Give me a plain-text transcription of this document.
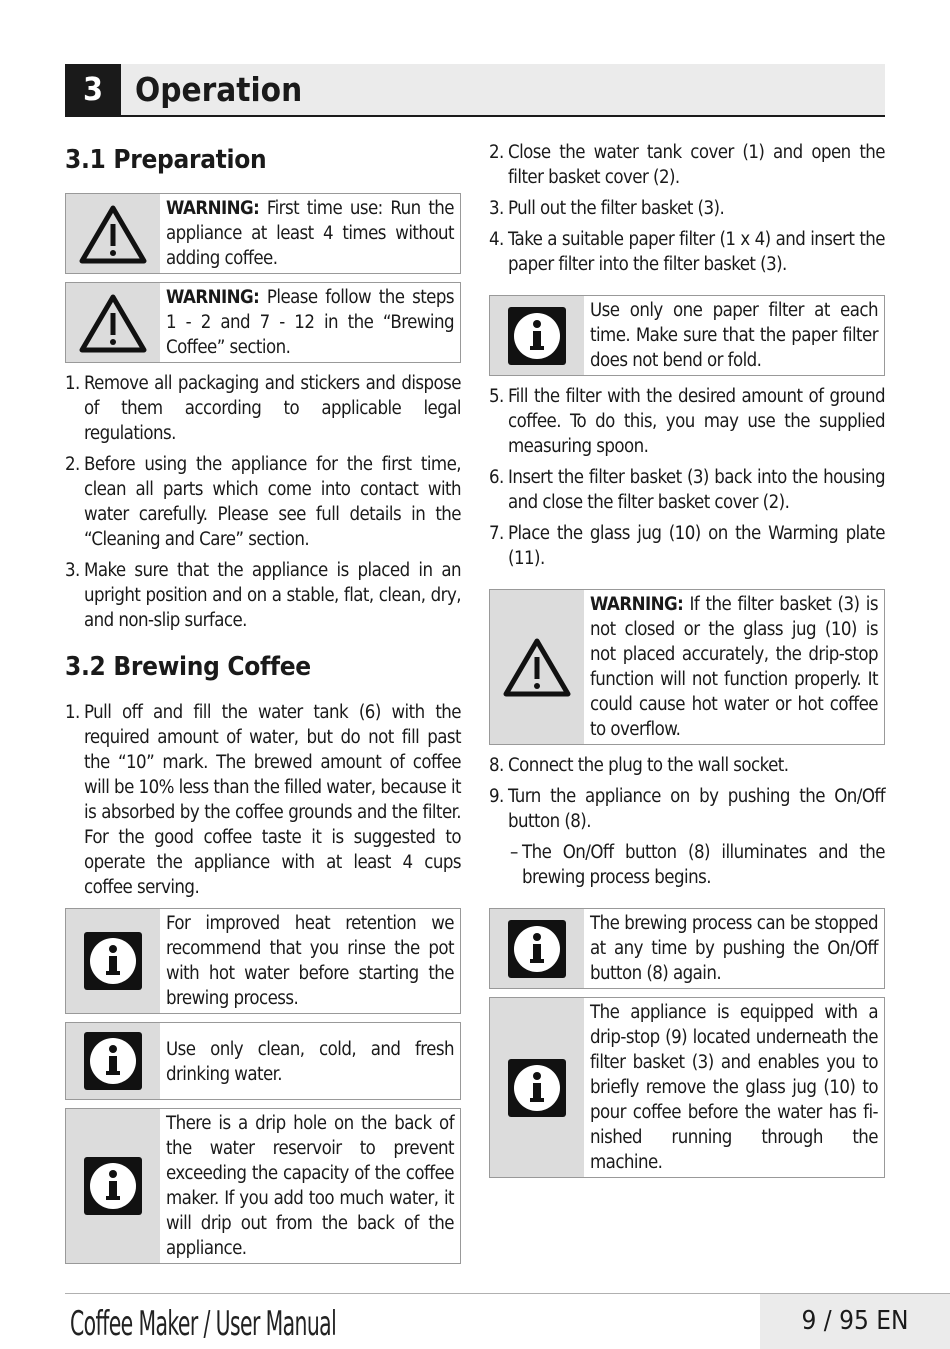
3 Operation
3.1 Preparation
WARNING: First time use: Run the appliance at least 4 times without adding coffee.
WARNING: Please follow the steps 1 - 2 and 7 - 12 in the “Brewing Coffee” section.
1. Remove all packaging and stickers and dispose of them according to applicable legal regulations.
2. Before using the appliance for the first time, clean all parts which come into contact with water carefully. Please see full details in the “Cleaning and Care” section.
3. Make sure that the appliance is placed in an upright position and on a stable, flat, clean, dry, and non-slip surface.
3.2 Brewing Coffee
1. Pull off and fill the water tank (6) with the required amount of water, but do not fill past the “10” mark. The brewed amount of coffee will be 10% less than the filled water, because it is absorbed by the coffee grounds and the filter. For the good coffee taste it is suggested to operate the appliance with at least 4 cups coffee serving.
For improved heat retention we recommend that you rinse the pot with hot water before starting the brewing process.
Use only clean, cold, and fresh drinking water.
There is a drip hole on the back of the water reservoir to prevent exceeding the capacity of the coffee maker. If you add too much water, it will drip out from the back of the appliance.
2. Close the water tank cover (1) and open the filter basket cover (2).
3. Pull out the filter basket (3).
4. Take a suitable paper filter (1 x 4) and insert the paper filter into the filter basket (3).
Use only one paper filter at each time. Make sure that the paper filter does not bend or fold.
5. Fill the filter with the desired amount of ground coffee. To do this, you may use the supplied measuring spoon.
6. Insert the filter basket (3) back into the housing and close the filter basket cover (2).
7. Place the glass jug (10) on the Warming plate (11).
WARNING: If the filter basket (3) is not closed or the glass jug (10) is not placed accurately, the drip-stop function will not function properly. It could cause hot water or hot coffee to overflow.
8. Connect the plug to the wall socket.
9. Turn the appliance on by pushing the On/Off button (8).
– The On/Off button (8) illuminates and the brewing process begins.
The brewing process can be stopped at any time by pushing the On/Off button (8) again.
The appliance is equipped with a drip-stop (9) located underneath the filter basket (3) and enables you to briefly remove the glass jug (10) to pour coffee before the water has fi-nished running through the machine.
Coffee Maker / User Manual	9 / 95 EN
